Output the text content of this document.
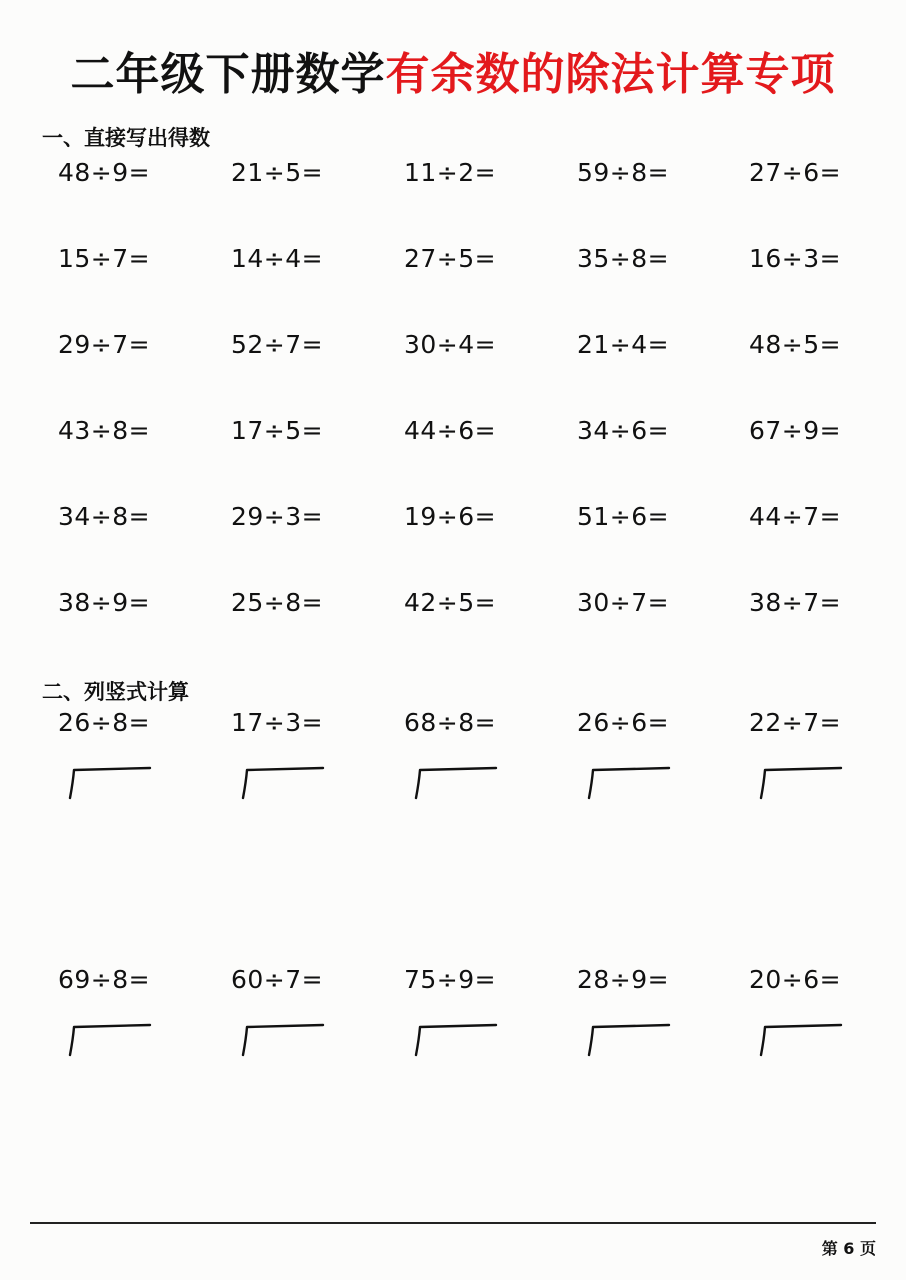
二年级下册数学有余数的除法计算专项
一、直接写出得数
48÷9=	21÷5=	11÷2=	59÷8=	27÷6=
15÷7=	14÷4=	27÷5=	35÷8=	16÷3=
29÷7=	52÷7=	30÷4=	21÷4=	48÷5=
43÷8=	17÷5=	44÷6=	34÷6=	67÷9=
34÷8=	29÷3=	19÷6=	51÷6=	44÷7=
38÷9=	25÷8=	42÷5=	30÷7=	38÷7=
二、列竖式计算
26÷8=	17÷3=	68÷8=	26÷6=	22÷7=
69÷8=	60÷7=	75÷9=	28÷9=	20÷6=
第 6 页
